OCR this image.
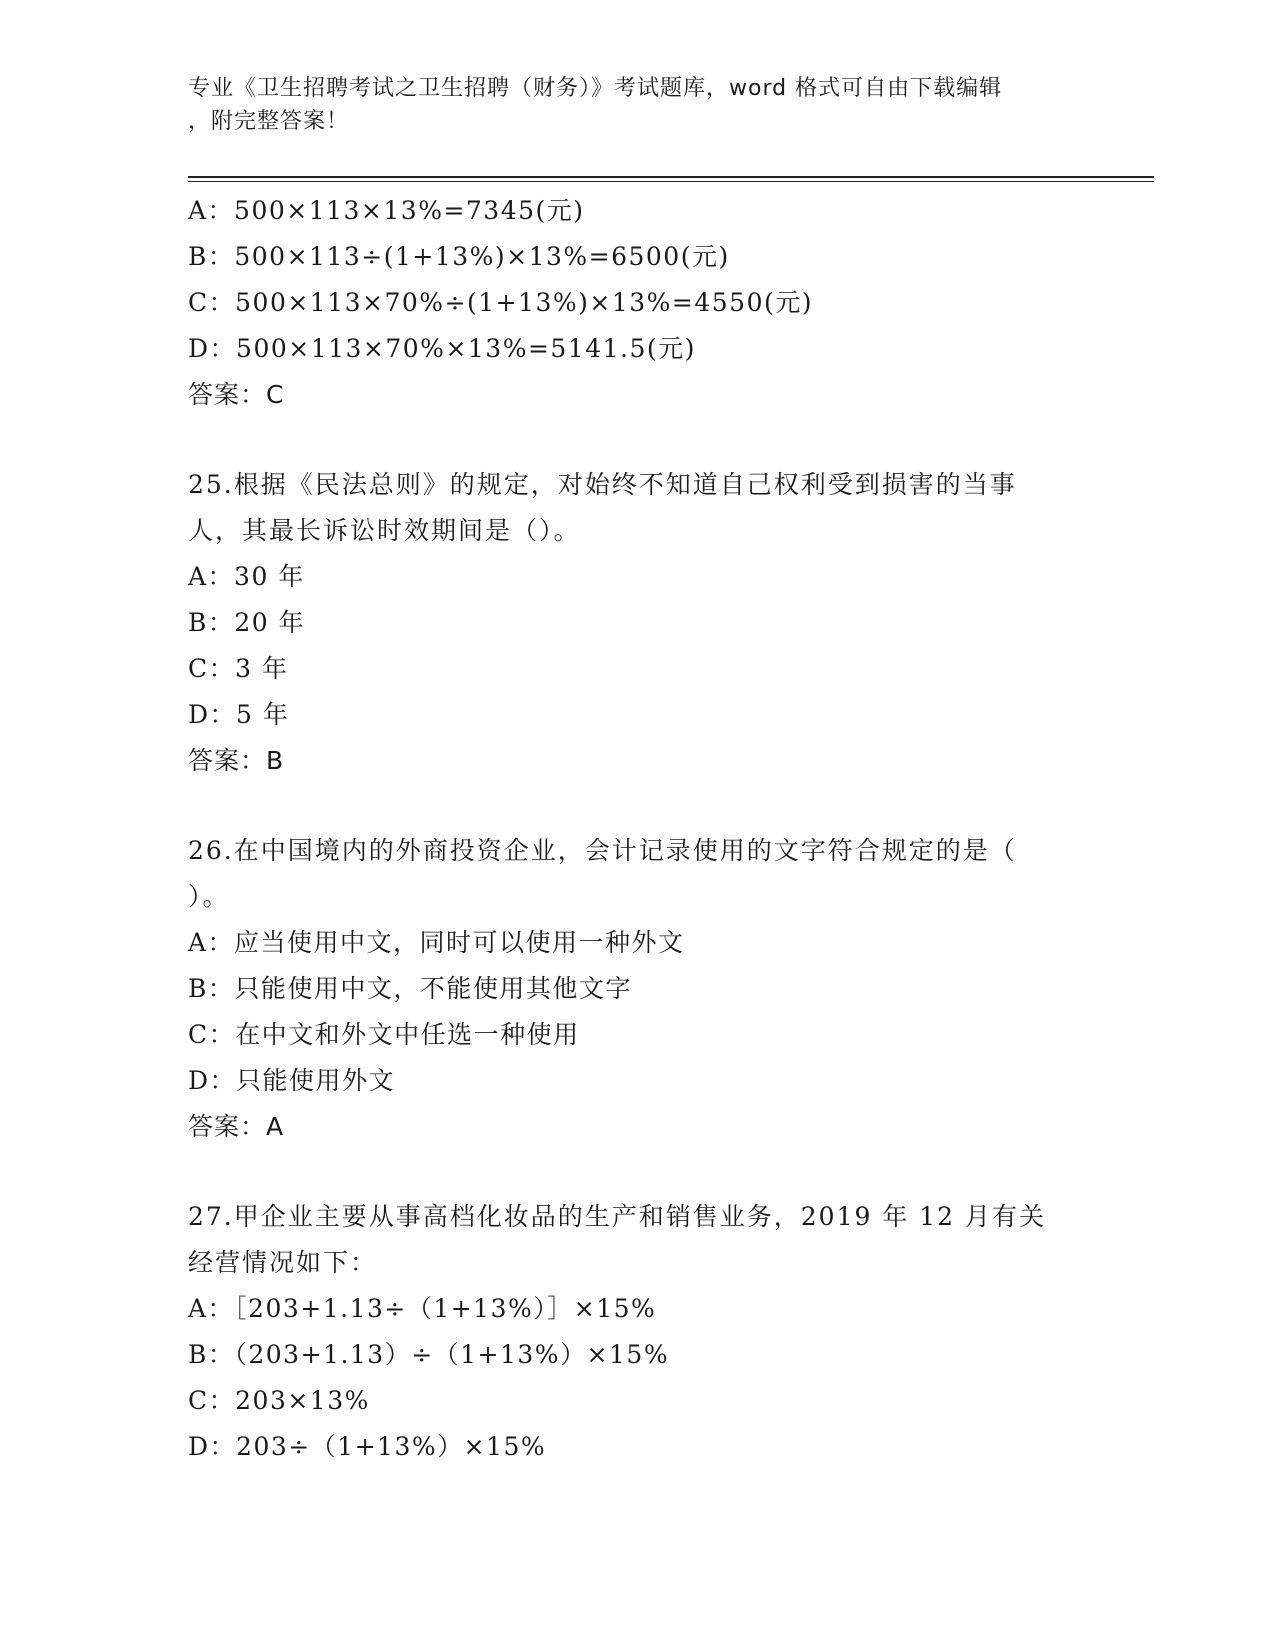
专业《卫生招聘考试之卫生招聘（财务）》考试题库，word 格式可自由下载编辑
，附完整答案！
A：500×113×13%=7345(元)
B：500×113÷(1+13%)×13%=6500(元)
C：500×113×70%÷(1+13%)×13%=4550(元)
D：500×113×70%×13%=5141.5(元)
答案：C
25.根据《民法总则》的规定，对始终不知道自己权利受到损害的当事
人，其最长诉讼时效期间是（）。
A：30 年
B：20 年
C：3 年
D：5 年
答案：B
26.在中国境内的外商投资企业，会计记录使用的文字符合规定的是（
）。
A：应当使用中文，同时可以使用一种外文
B：只能使用中文，不能使用其他文字
C：在中文和外文中任选一种使用
D：只能使用外文
答案：A
27.甲企业主要从事高档化妆品的生产和销售业务，2019 年 12 月有关
经营情况如下：
A：［203+1.13÷（1+13%）］×15%
B：（203+1.13）÷（1+13%）×15%
C：203×13%
D：203÷（1+13%）×15%
